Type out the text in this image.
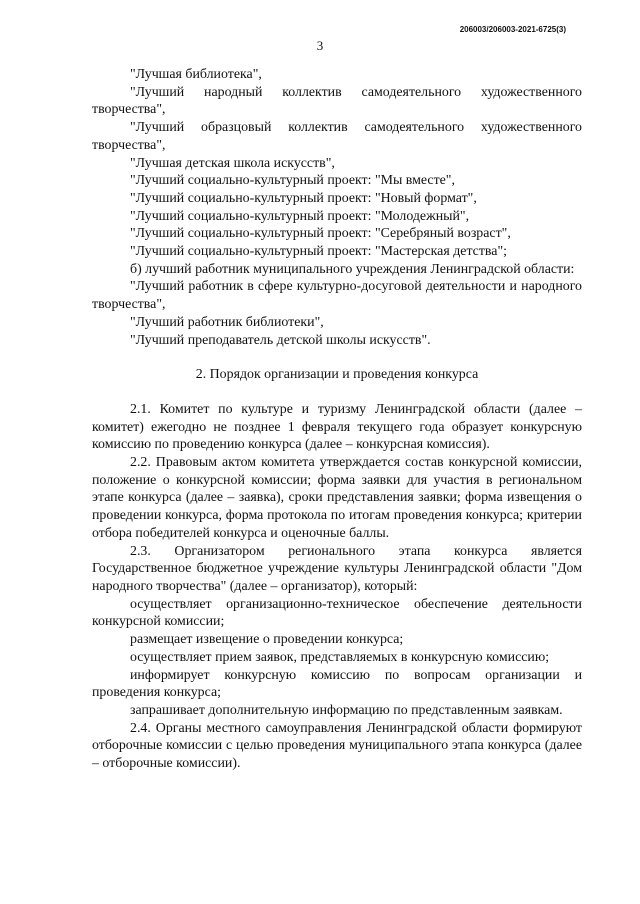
206003/206003-2021-6725(3)
3

"Лучшая библиотека",

"Лучший народный коллектив самодеятельного художественного творчества",

"Лучший образцовый коллектив самодеятельного художественного творчества",

"Лучшая детская школа искусств",

"Лучший социально-культурный проект: "Мы вместе",

"Лучший социально-культурный проект: "Новый формат",

"Лучший социально-культурный проект: "Молодежный",

"Лучший социально-культурный проект: "Серебряный возраст",

"Лучший социально-культурный проект: "Мастерская детства";

б) лучший работник муниципального учреждения Ленинградской области:

"Лучший работник в сфере культурно-досуговой деятельности и народного творчества",

"Лучший работник библиотеки",

"Лучший преподаватель детской школы искусств".

2. Порядок организации и проведения конкурса

2.1. Комитет по культуре и туризму Ленинградской области (далее – комитет) ежегодно не позднее 1 февраля текущего года образует конкурсную комиссию по проведению конкурса (далее – конкурсная комиссия).

2.2. Правовым актом комитета утверждается состав конкурсной комиссии, положение о конкурсной комиссии; форма заявки для участия в региональном этапе конкурса (далее – заявка), сроки представления заявки; форма извещения о проведении конкурса, форма протокола по итогам проведения конкурса; критерии отбора победителей конкурса и оценочные баллы.

2.3. Организатором регионального этапа конкурса является Государственное бюджетное учреждение культуры Ленинградской области "Дом народного творчества" (далее – организатор), который:

осуществляет организационно-техническое обеспечение деятельности конкурсной комиссии;

размещает извещение о проведении конкурса;

осуществляет прием заявок, представляемых в конкурсную комиссию;

информирует конкурсную комиссию по вопросам организации и проведения конкурса;

запрашивает дополнительную информацию по представленным заявкам.

2.4. Органы местного самоуправления Ленинградской области формируют отборочные комиссии с целью проведения муниципального этапа конкурса (далее – отборочные комиссии).
